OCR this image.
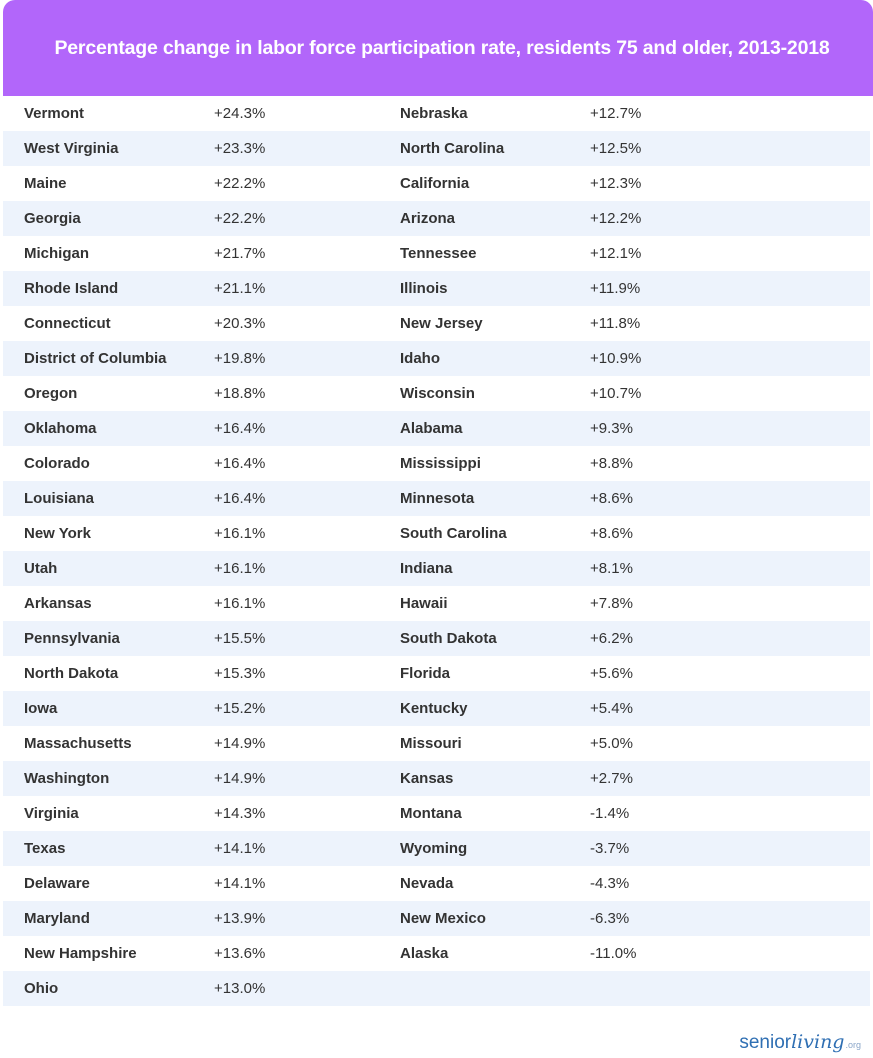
Percentage change in labor force participation rate, residents 75 and older, 2013-2018
Vermont	+24.3%	Nebraska	+12.7%
West Virginia	+23.3%	North Carolina	+12.5%
Maine	+22.2%	California	+12.3%
Georgia	+22.2%	Arizona	+12.2%
Michigan	+21.7%	Tennessee	+12.1%
Rhode Island	+21.1%	Illinois	+11.9%
Connecticut	+20.3%	New Jersey	+11.8%
District of Columbia	+19.8%	Idaho	+10.9%
Oregon	+18.8%	Wisconsin	+10.7%
Oklahoma	+16.4%	Alabama	+9.3%
Colorado	+16.4%	Mississippi	+8.8%
Louisiana	+16.4%	Minnesota	+8.6%
New York	+16.1%	South Carolina	+8.6%
Utah	+16.1%	Indiana	+8.1%
Arkansas	+16.1%	Hawaii	+7.8%
Pennsylvania	+15.5%	South Dakota	+6.2%
North Dakota	+15.3%	Florida	+5.6%
Iowa	+15.2%	Kentucky	+5.4%
Massachusetts	+14.9%	Missouri	+5.0%
Washington	+14.9%	Kansas	+2.7%
Virginia	+14.3%	Montana	-1.4%
Texas	+14.1%	Wyoming	-3.7%
Delaware	+14.1%	Nevada	-4.3%
Maryland	+13.9%	New Mexico	-6.3%
New Hampshire	+13.6%	Alaska	-11.0%
Ohio	+13.0%
seniorliving.org
